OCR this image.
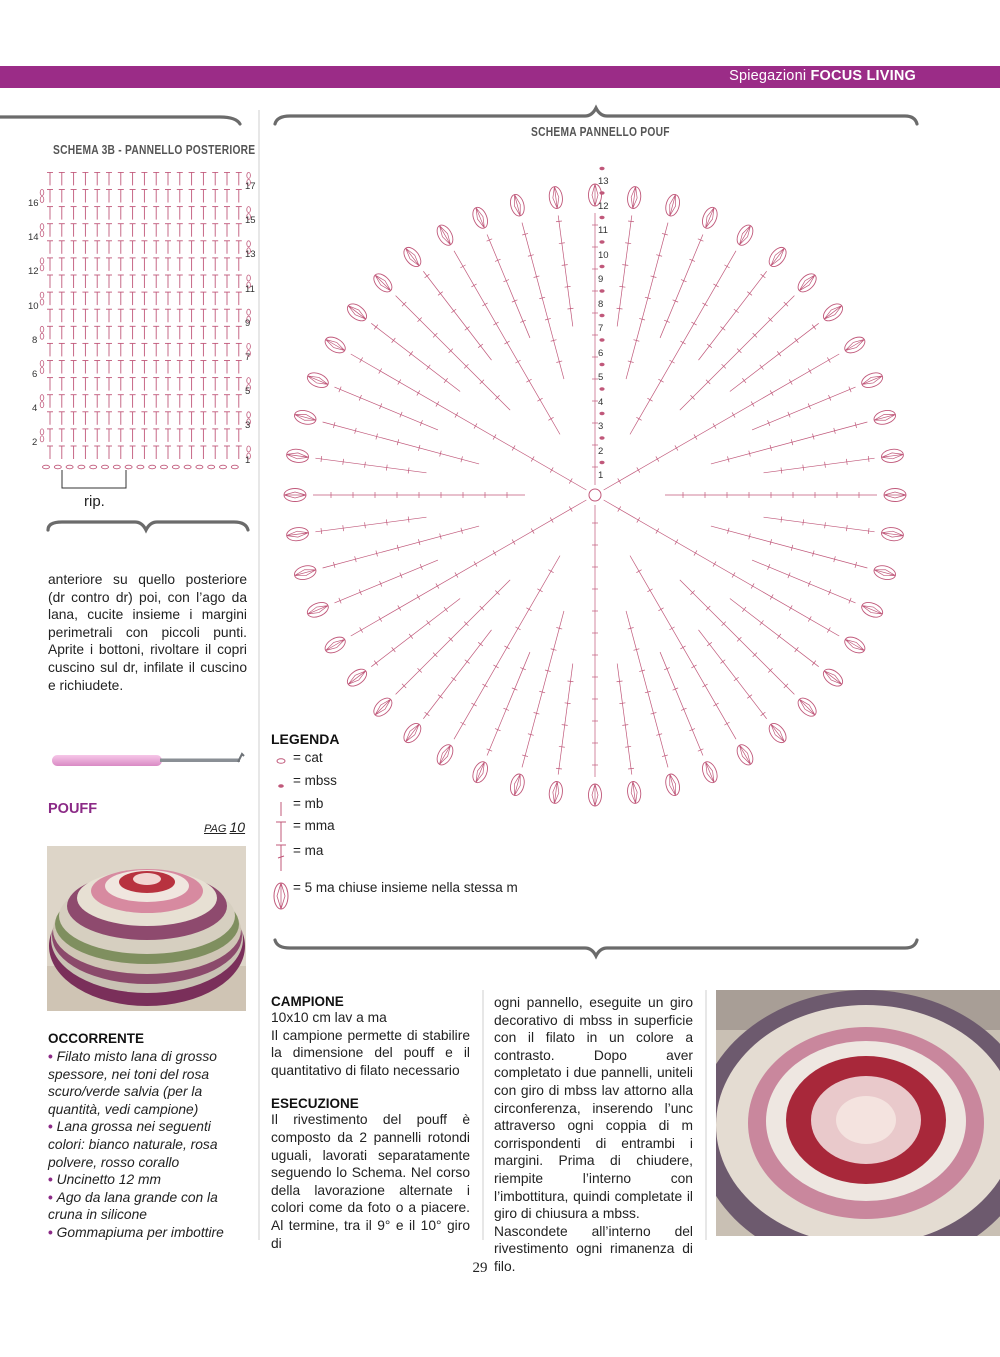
Spiegazioni FOCUS LIVING
SCHEMA 3B - PANNELLO POSTERIORE
16
14
12
10
8
6
4
2
17
15
13
11
9
7
5
3
1
rip.
anteriore su quello posteriore (dr contro dr) poi, con l’ago da lana, cucite insieme i margini perimetrali con piccoli punti. Aprite i bottoni, rivoltare il copri cuscino sul dr, infilate il cuscino e richiudete.
POUFF
PAG 10
OCCORRENTE
• Filato misto lana di grosso spessore, nei toni del rosa scuro/verde salvia (per la quantità, vedi campione)
• Lana grossa nei seguenti colori: bianco naturale, rosa polvere, rosso corallo
• Uncinetto 12 mm
• Ago da lana grande con la cruna in silicone
• Gommapiuma per imbottire
SCHEMA PANNELLO POUF
13
12
11
10
9
8
7
6
5
4
3
2
1
LEGENDA
= cat
= mbss
= mb
= mma
= ma
= 5 ma chiuse insieme nella stessa m
CAMPIONE
10x10 cm lav a ma
Il campione permette di stabilire la dimensione del pouff e il quantitativo di filato necessario
ESECUZIONE
Il rivestimento del pouff è composto da 2 pannelli rotondi uguali, lavorati separatamente seguendo lo Schema. Nel corso della lavorazione alternate i colori come da foto o a piacere. Al termine, tra il 9° e il 10° giro di
ogni pannello, eseguite un giro decorativo di mbss in superficie con il filato in un colore a contrasto. Dopo aver completato i due pannelli, uniteli con giro di mbss lav attorno alla circonferenza, inserendo l’unc attraverso ogni coppia di m corrispondenti di entrambi i margini. Prima di chiudere, riempite l’interno con l’imbottitura, quindi completate il giro di chiusura a mbss.
Nascondete all’interno del rivestimento ogni rimanenza di filo.
29
